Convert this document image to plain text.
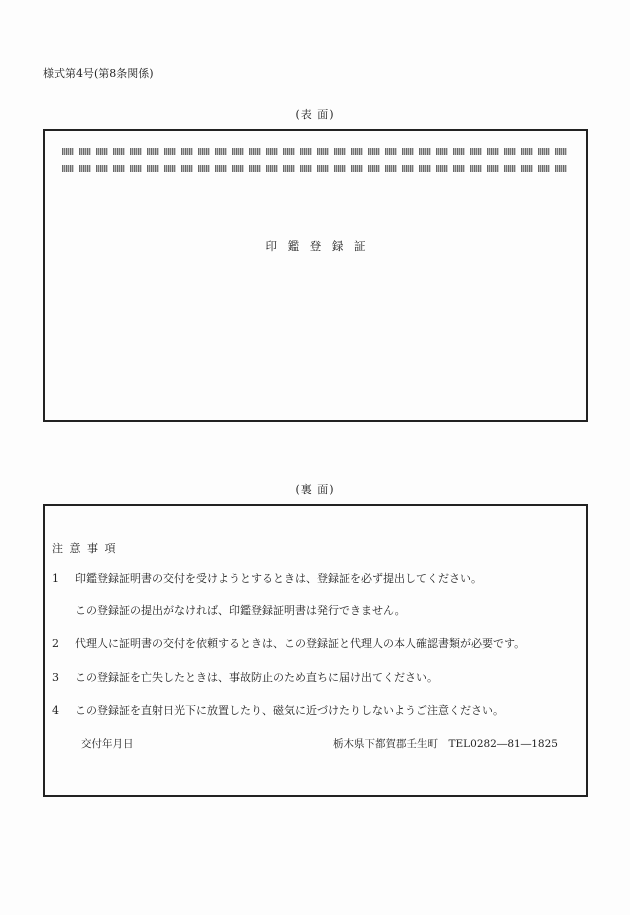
様式第4号(第8条関係)
(表 面)
印 鑑 登 録 証
(裏 面)
注 意 事 項
1 印鑑登録証明書の交付を受けようとするときは、登録証を必ず提出してください。
この登録証の提出がなければ、印鑑登録証明書は発行できません。
2 代理人に証明書の交付を依頼するときは、この登録証と代理人の本人確認書類が必要です。
3 この登録証を亡失したときは、事故防止のため直ちに届け出てください。
4 この登録証を直射日光下に放置したり、磁気に近づけたりしないようご注意ください。
交付年月日	栃木県下都賀郡壬生町　TEL0282―81―1825
